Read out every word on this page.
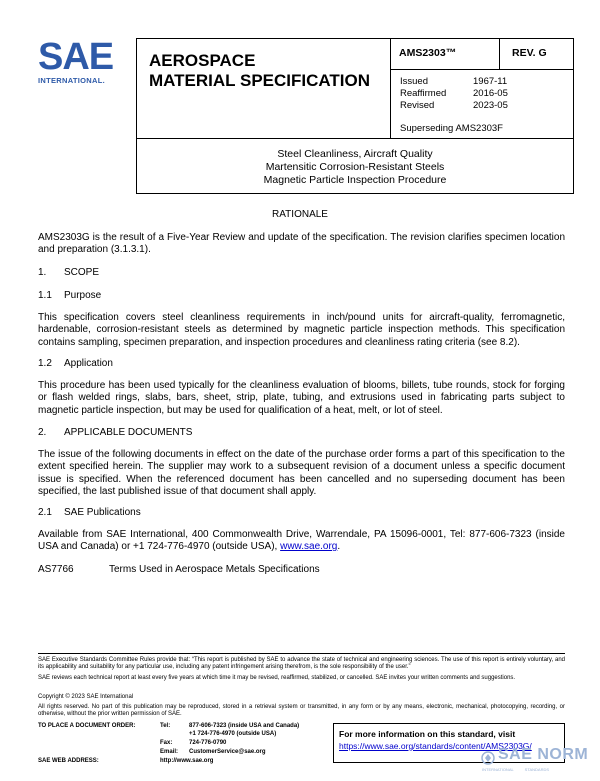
SAE
INTERNATIONAL.
AEROSPACE
MATERIAL SPECIFICATION
AMS2303™	REV. G
Issued	1967-11
Reaffirmed	2016-05
Revised	2023-05
Superseding AMS2303F
Steel Cleanliness, Aircraft Quality
Martensitic Corrosion-Resistant Steels
Magnetic Particle Inspection Procedure
RATIONALE
AMS2303G is the result of a Five-Year Review and update of the specification. The revision clarifies specimen location and preparation (3.1.3.1).
1. SCOPE
1.1 Purpose
This specification covers steel cleanliness requirements in inch/pound units for aircraft-quality, ferromagnetic, hardenable, corrosion-resistant steels as determined by magnetic particle inspection methods. This specification contains sampling, specimen preparation, and inspection procedures and cleanliness rating criteria (see 8.2).
1.2 Application
This procedure has been used typically for the cleanliness evaluation of blooms, billets, tube rounds, stock for forging or flash welded rings, slabs, bars, sheet, strip, plate, tubing, and extrusions used in fabricating parts subject to magnetic particle inspection, but may be used for qualification of a heat, melt, or lot of steel.
2. APPLICABLE DOCUMENTS
The issue of the following documents in effect on the date of the purchase order forms a part of this specification to the extent specified herein. The supplier may work to a subsequent revision of a document unless a specific document issue is specified. When the referenced document has been cancelled and no superseding document has been specified, the last published issue of that document shall apply.
2.1 SAE Publications
Available from SAE International, 400 Commonwealth Drive, Warrendale, PA 15096-0001, Tel: 877-606-7323 (inside USA and Canada) or +1 724-776-4970 (outside USA), www.sae.org.
AS7766	Terms Used in Aerospace Metals Specifications
SAE Executive Standards Committee Rules provide that: “This report is published by SAE to advance the state of technical and engineering sciences. The use of this report is entirely voluntary, and its applicability and suitability for any particular use, including any patent infringement arising therefrom, is the sole responsibility of the user.”
SAE reviews each technical report at least every five years at which time it may be revised, reaffirmed, stabilized, or cancelled. SAE invites your written comments and suggestions.
Copyright © 2023 SAE International
All rights reserved. No part of this publication may be reproduced, stored in a retrieval system or transmitted, in any form or by any means, electronic, mechanical, photocopying, recording, or otherwise, without the prior written permission of SAE.
TO PLACE A DOCUMENT ORDER:	Tel:	877-606-7323 (inside USA and Canada)
+1 724-776-4970 (outside USA)
Fax:	724-776-0790
Email: CustomerService@sae.org
SAE WEB ADDRESS:	http://www.sae.org
For more information on this standard, visit
https://www.sae.org/standards/content/AMS2303G/
SAE NORM
INTERNATIONAL          STANDARDS
